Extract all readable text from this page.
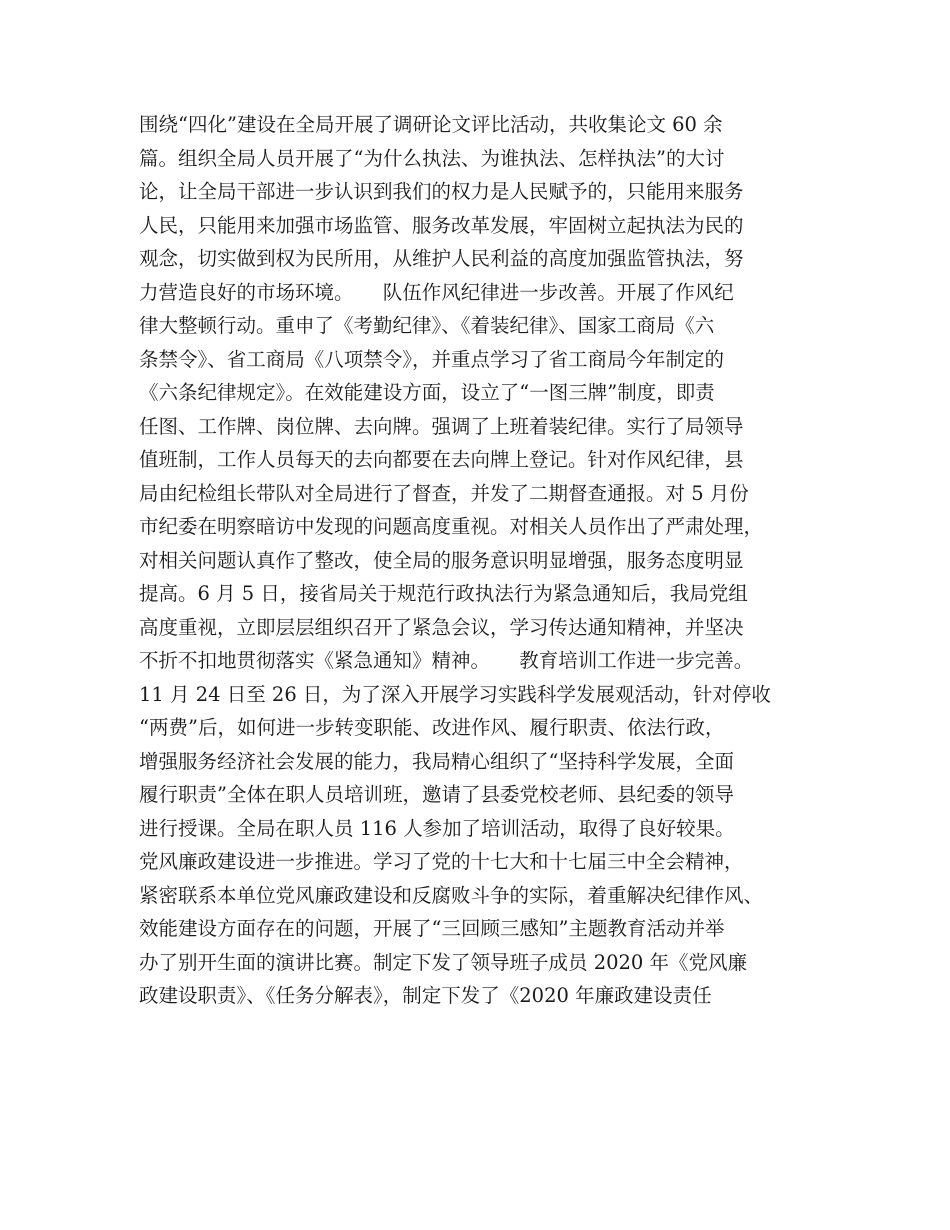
围绕“四化”建设在全局开展了调研论文评比活动，共收集论文 60 余
篇。组织全局人员开展了“为什么执法、为谁执法、怎样执法”的大讨
论，让全局干部进一步认识到我们的权力是人民赋予的，只能用来服务
人民，只能用来加强市场监管、服务改革发展，牢固树立起执法为民的
观念，切实做到权为民所用，从维护人民利益的高度加强监管执法，努
力营造良好的市场环境。　　队伍作风纪律进一步改善。开展了作风纪
律大整顿行动。重申了《考勤纪律》、《着装纪律》、国家工商局《六
条禁令》、省工商局《八项禁令》，并重点学习了省工商局今年制定的
《六条纪律规定》。在效能建设方面，设立了“一图三牌”制度，即责
任图、工作牌、岗位牌、去向牌。强调了上班着装纪律。实行了局领导
值班制，工作人员每天的去向都要在去向牌上登记。针对作风纪律，县
局由纪检组长带队对全局进行了督查，并发了二期督查通报。对 5 月份
市纪委在明察暗访中发现的问题高度重视。对相关人员作出了严肃处理，
对相关问题认真作了整改，使全局的服务意识明显增强，服务态度明显
提高。6 月 5 日，接省局关于规范行政执法行为紧急通知后，我局党组
高度重视，立即层层组织召开了紧急会议，学习传达通知精神，并坚决
不折不扣地贯彻落实《紧急通知》精神。　　教育培训工作进一步完善。
11 月 24 日至 26 日，为了深入开展学习实践科学发展观活动，针对停收
“两费”后，如何进一步转变职能、改进作风、履行职责、依法行政，
增强服务经济社会发展的能力，我局精心组织了“坚持科学发展，全面
履行职责”全体在职人员培训班，邀请了县委党校老师、县纪委的领导
进行授课。全局在职人员 116 人参加了培训活动，取得了良好较果。
党风廉政建设进一步推进。学习了党的十七大和十七届三中全会精神，
紧密联系本单位党风廉政建设和反腐败斗争的实际，着重解决纪律作风、
效能建设方面存在的问题，开展了“三回顾三感知”主题教育活动并举
办了别开生面的演讲比赛。制定下发了领导班子成员 2020 年《党风廉
政建设职责》、《任务分解表》，制定下发了《2020 年廉政建设责任
